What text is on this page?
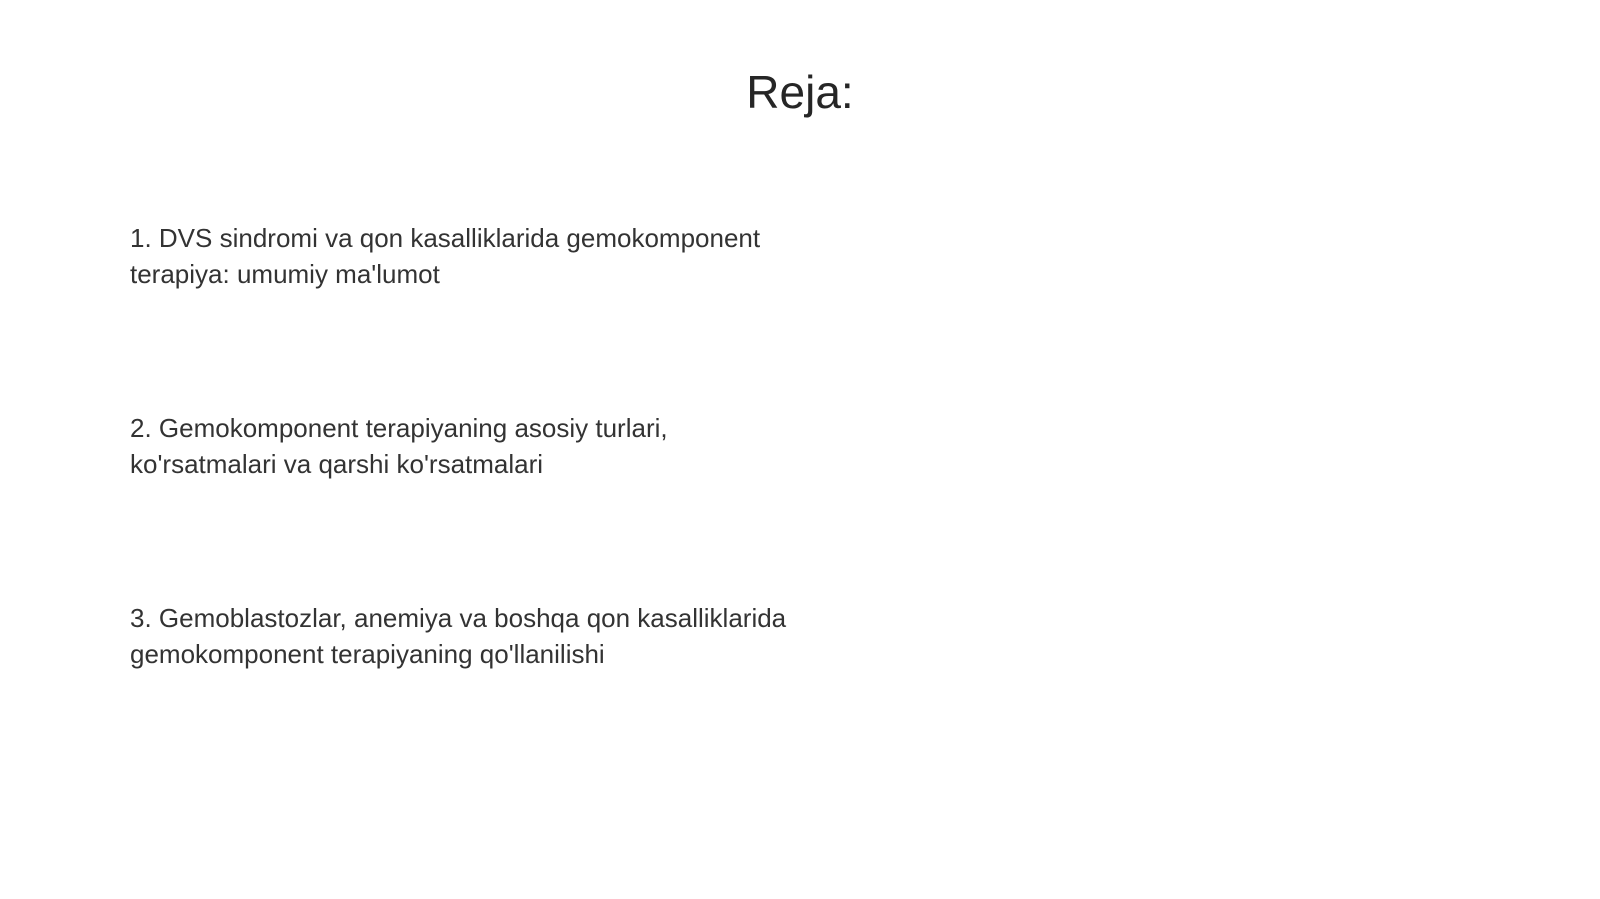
Reja:
1. DVS sindromi va qon kasalliklarida gemokomponent
terapiya: umumiy ma'lumot
2. Gemokomponent terapiyaning asosiy turlari,
ko'rsatmalari va qarshi ko'rsatmalari
3. Gemoblastozlar, anemiya va boshqa qon kasalliklarida
gemokomponent terapiyaning qo'llanilishi
